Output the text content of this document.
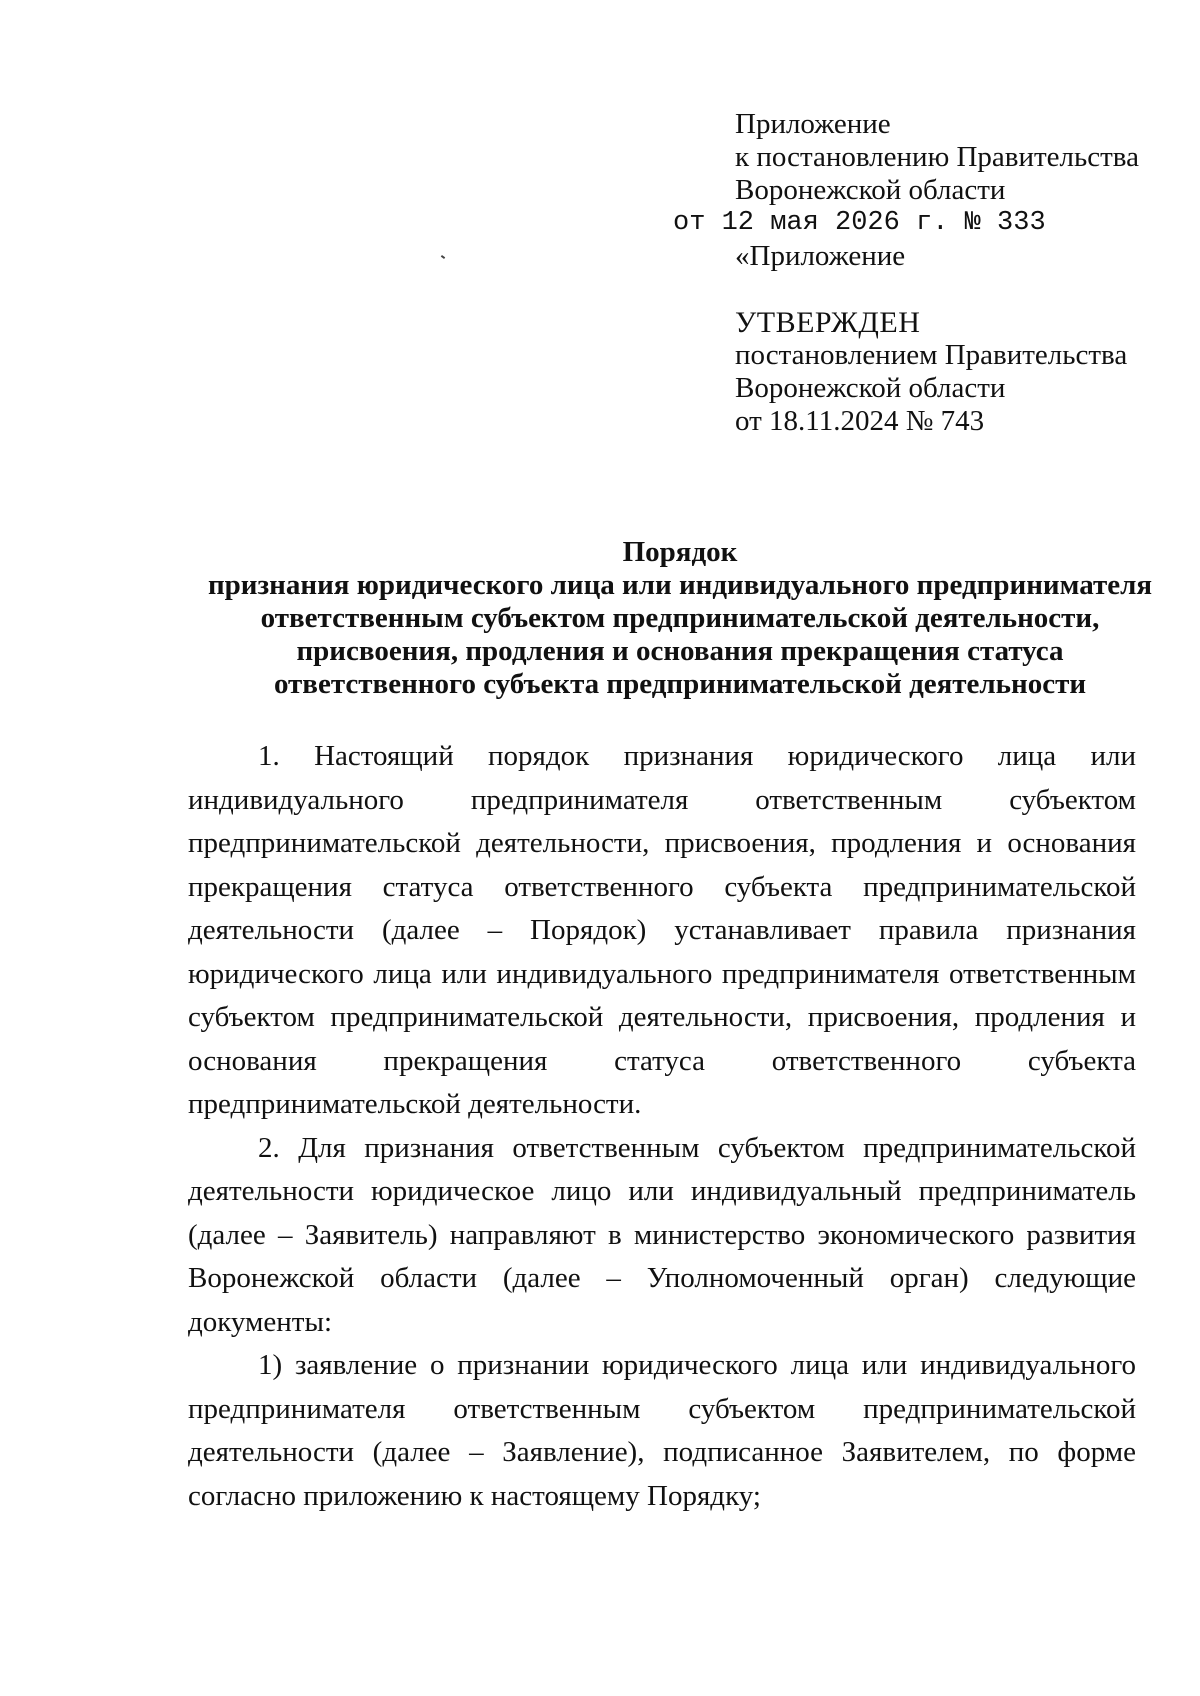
Приложение
к постановлению Правительства
Воронежской области
от 12 мая 2026 г. № 333
«Приложение
УТВЕРЖДЕН
постановлением Правительства
Воронежской области
от 18.11.2024 № 743
Порядок
признания юридического лица или индивидуального предпринимателя
ответственным субъектом предпринимательской деятельности,
присвоения, продления и основания прекращения статуса
ответственного субъекта предпринимательской деятельности

1. Настоящий порядок признания юридического лица или индивидуального предпринимателя ответственным субъектом предпринимательской деятельности, присвоения, продления и основания прекращения статуса ответственного субъекта предпринимательской деятельности (далее – Порядок) устанавливает правила признания юридического лица или индивидуального предпринимателя ответственным субъектом предпринимательской деятельности, присвоения, продления и основания прекращения статуса ответственного субъекта предпринимательской деятельности.

2. Для признания ответственным субъектом предпринимательской деятельности юридическое лицо или индивидуальный предприниматель (далее – Заявитель) направляют в министерство экономического развития Воронежской области (далее – Уполномоченный орган) следующие документы:

1) заявление о признании юридического лица или индивидуального предпринимателя ответственным субъектом предпринимательской деятельности (далее – Заявление), подписанное Заявителем, по форме согласно приложению к настоящему Порядку;
